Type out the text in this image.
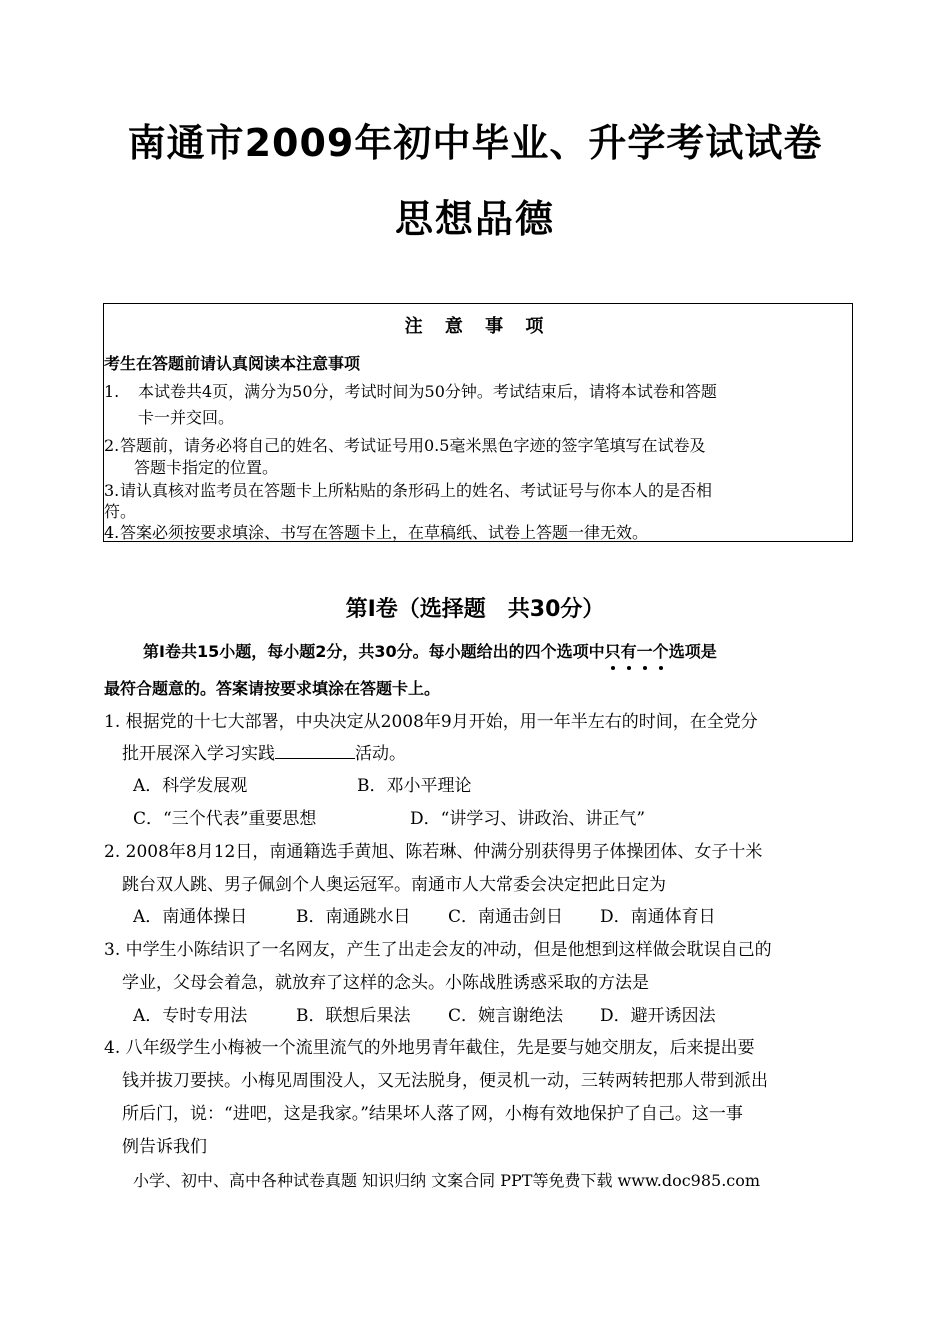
南通市2009年初中毕业、升学考试试卷
思想品德
注 意 事 项
考生在答题前请认真阅读本注意事项
1. 本试卷共4页，满分为50分，考试时间为50分钟。考试结束后，请将本试卷和答题
卡一并交回。
2. 答题前，请务必将自己的姓名、考试证号用0.5毫米黑色字迹的签字笔填写在试卷及
答题卡指定的位置。
3. 请认真核对监考员在答题卡上所粘贴的条形码上的姓名、考试证号与你本人的是否相
符。
4. 答案必须按要求填涂、书写在答题卡上，在草稿纸、试卷上答题一律无效。
第Ⅰ卷（选择题　共30分）
第Ⅰ卷共15小题，每小题2分，共30分。每小题给出的四个选项中只有一个选项是
最符合题意的。答案请按要求填涂在答题卡上。
1. 根据党的十七大部署，中央决定从2008年9月开始，用一年半左右的时间，在全党分
批开展深入学习实践	活动。
A．科学发展观	B．邓小平理论
C．“三个代表”重要思想	D．“讲学习、讲政治、讲正气”
2. 2008年8月12日，南通籍选手黄旭、陈若琳、仲满分别获得男子体操团体、女子十米
跳台双人跳、男子佩剑个人奥运冠军。南通市人大常委会决定把此日定为
A．南通体操日	B．南通跳水日 C．南通击剑日 D．南通体育日
3. 中学生小陈结识了一名网友，产生了出走会友的冲动，但是他想到这样做会耽误自己的
学业，父母会着急，就放弃了这样的念头。小陈战胜诱惑采取的方法是
A．专时专用法	B．联想后果法 C．婉言谢绝法 D．避开诱因法
4. 八年级学生小梅被一个流里流气的外地男青年截住，先是要与她交朋友，后来提出要
钱并拔刀要挟。小梅见周围没人，又无法脱身，便灵机一动，三转两转把那人带到派出
所后门，说：“进吧，这是我家。”结果坏人落了网，小梅有效地保护了自己。这一事
例告诉我们
小学、初中、高中各种试卷真题 知识归纳 文案合同 PPT等免费下载 www.doc985.com
